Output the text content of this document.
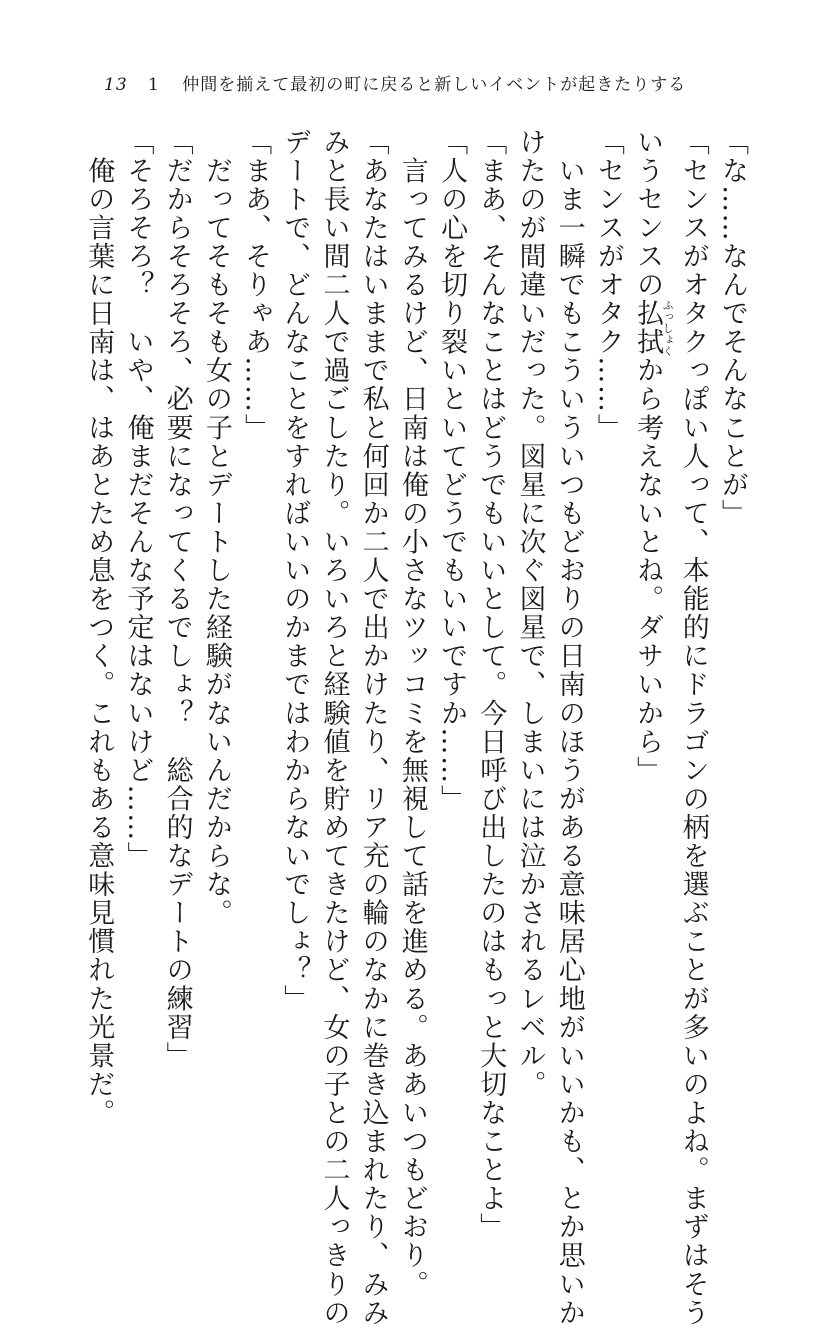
13 1 仲間を揃えて最初の町に戻ると新しいイベントが起きたりする

「な……なんでそんなことが」

「センスがオタクっぽい人って、本能的にドラゴンの柄を選ぶことが多いのよね。まずはそう

いうセンスの払拭ふっしょくから考えないとね。ダサいから」

「センスがオタク……」

　いま一瞬でもこういういつもどおりの日南のほうがある意味居心地がいいかも、とか思いか

けたのが間違いだった。図星に次ぐ図星で、しまいには泣かされるレベル。

「まあ、そんなことはどうでもいいとして。今日呼び出したのはもっと大切なことよ」

「人の心を切り裂いといてどうでもいいですか……」

　言ってみるけど、日南は俺の小さなツッコミを無視して話を進める。ああいつもどおり。

「あなたはいままで私と何回か二人で出かけたり、リア充の輪のなかに巻き込まれたり、みみ

みと長い間二人で過ごしたり。いろいろと経験値を貯めてきたけど、女の子との二人っきりの

デートで、どんなことをすればいいのかまではわからないでしょ？」

「まあ、そりゃあ……」

　だってそもそも女の子とデートした経験がないんだからな。

「だからそろそろ、必要になってくるでしょ？　総合的なデートの練習」

「そろそろ？　いや、俺まだそんな予定はないけど……」

　俺の言葉に日南は、はあとため息をつく。これもある意味見慣れた光景だ。
